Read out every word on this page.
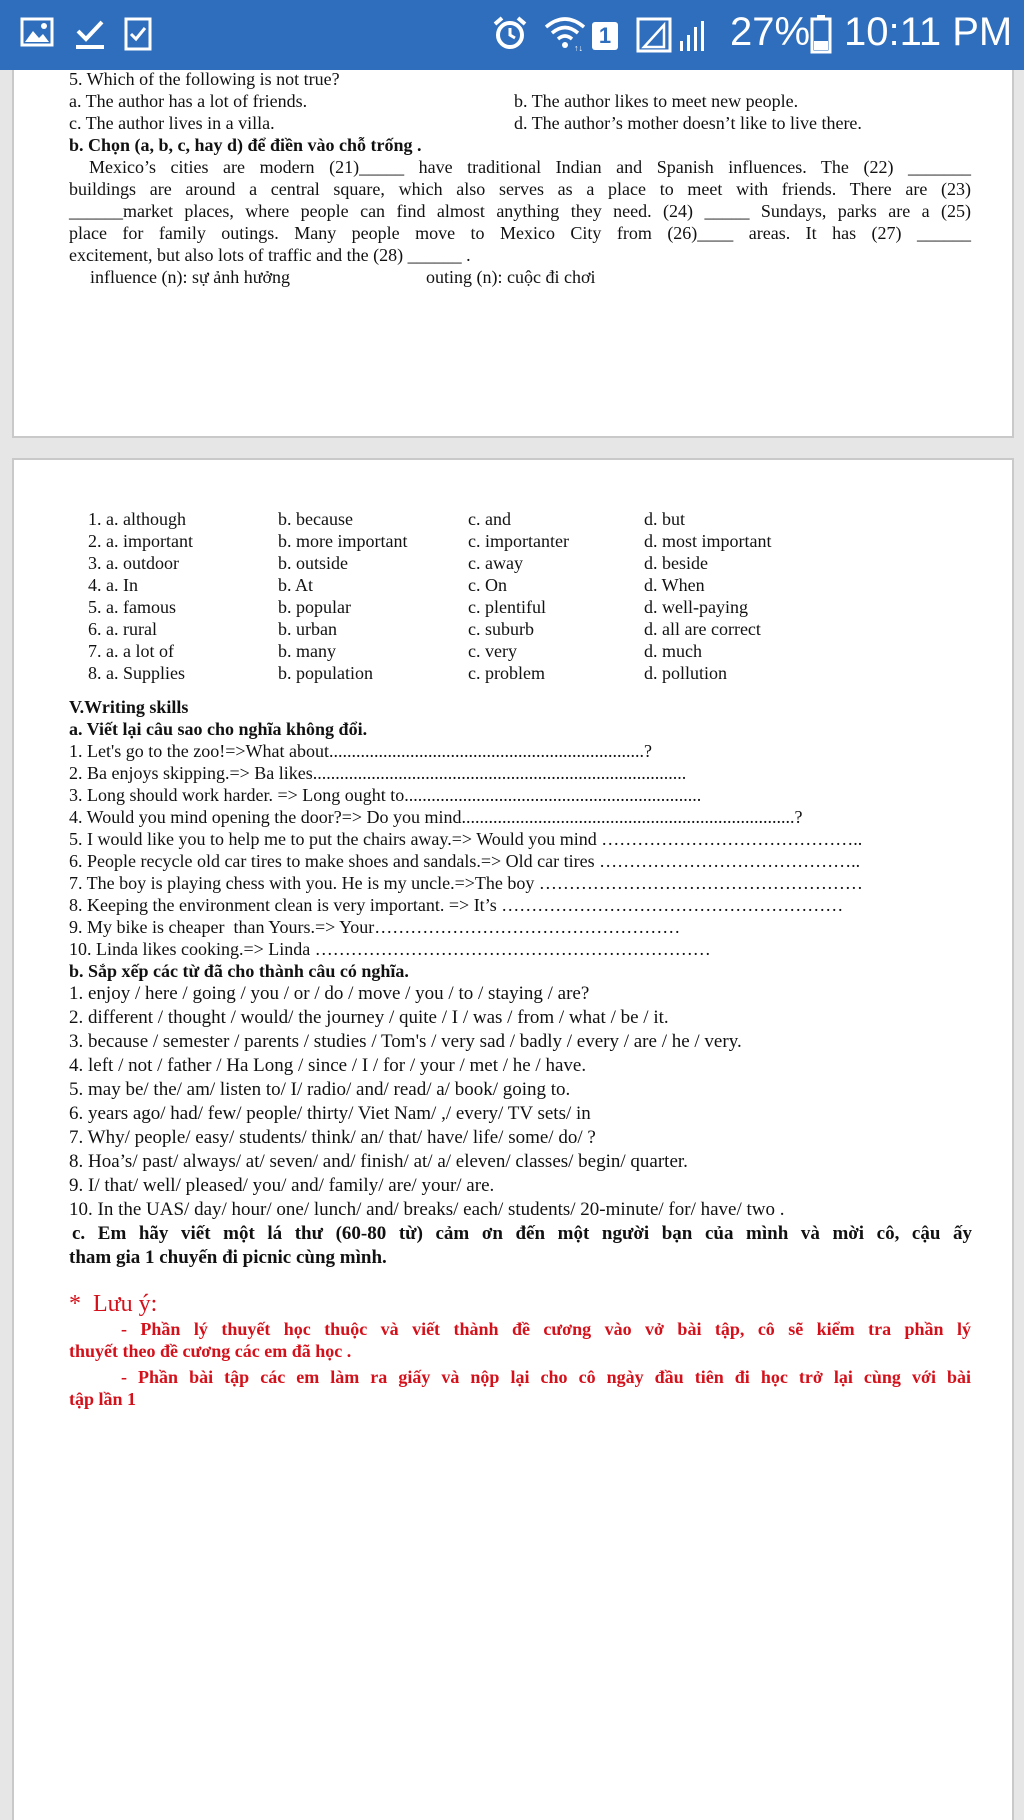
↑↓ 1	27% 10:11 PM
5. Which of the following is not true?
a. The author has a lot of friends.	b. The author likes to meet new people.
c. The author lives in a villa.	d. The author’s mother doesn’t like to live there.
b. Chọn (a, b, c, hay d) để điền vào chỗ trống .
Mexico’s cities are modern (21)_____ have traditional Indian and Spanish influences. The (22) _______
buildings are around a central square, which also serves as a place to meet with friends. There are (23)
______market places, where people can find almost anything they need. (24) _____ Sundays, parks are a (25)
place for family outings. Many people move to Mexico City from (26)____ areas. It has (27) ______
excitement, but also lots of traffic and the (28) ______ .
influence (n): sự ảnh hưởng	outing (n): cuộc đi chơi
1. a. although	b. because	c. and	d. but
2. a. important	b. more important	c. importanter	d. most important
3. a. outdoor	b. outside	c. away	d. beside
4. a. In	b. At	c. On	d. When
5. a. famous	b. popular	c. plentiful	d. well-paying
6. a. rural	b. urban	c. suburb	d. all are correct
7. a. a lot of	b. many	c. very	d. much
8. a. Supplies	b. population	c. problem	d. pollution
V.Writing skills
a. Viết lại câu sao cho nghĩa không đổi.
1. Let's go to the zoo!=>What about......................................................................?
2. Ba enjoys skipping.=> Ba likes...................................................................................
3. Long should work harder. => Long ought to..................................................................
4. Would you mind opening the door?=> Do you mind..........................................................................?
5. I would like you to help me to put the chairs away.=> Would you mind ……………………………………..
6. People recycle old car tires to make shoes and sandals.=> Old car tires ……………………………………..
7. The boy is playing chess with you. He is my uncle.=>The boy ………………………………………………
8. Keeping the environment clean is very important. => It’s …………………………………………………
9. My bike is cheaper  than Yours.=> Your……………………………………………
10. Linda likes cooking.=> Linda …………………………………………………………
b. Sắp xếp các từ đã cho thành câu có nghĩa.
1. enjoy / here / going / you / or / do / move / you / to / staying / are?
2. different / thought / would/ the journey / quite / I / was / from / what / be / it.
3. because / semester / parents / studies / Tom's / very sad / badly / every / are / he / very.
4. left / not / father / Ha Long / since / I / for / your / met / he / have.
5. may be/ the/ am/ listen to/ I/ radio/ and/ read/ a/ book/ going to.
6. years ago/ had/ few/ people/ thirty/ Viet Nam/ ,/ every/ TV sets/ in
7. Why/ people/ easy/ students/ think/ an/ that/ have/ life/ some/ do/ ?
8. Hoa’s/ past/ always/ at/ seven/ and/ finish/ at/ a/ eleven/ classes/ begin/ quarter.
9. I/ that/ well/ pleased/ you/ and/ family/ are/ your/ are.
10. In the UAS/ day/ hour/ one/ lunch/ and/ breaks/ each/ students/ 20-minute/ for/ have/ two .
c. Em hãy viết một lá thư (60-80 từ) cảm ơn đến một người bạn của mình và mời cô, cậu ấy
tham gia 1 chuyến đi picnic cùng mình.
*  Lưu ý:
- Phần lý thuyết học thuộc và viết thành đề cương vào vở bài tập, cô sẽ kiểm tra phần lý
thuyết theo đề cương các em đã học .
- Phần bài tập các em làm ra giấy và nộp lại cho cô ngày đầu tiên đi học trở lại cùng với bài
tập lần 1
